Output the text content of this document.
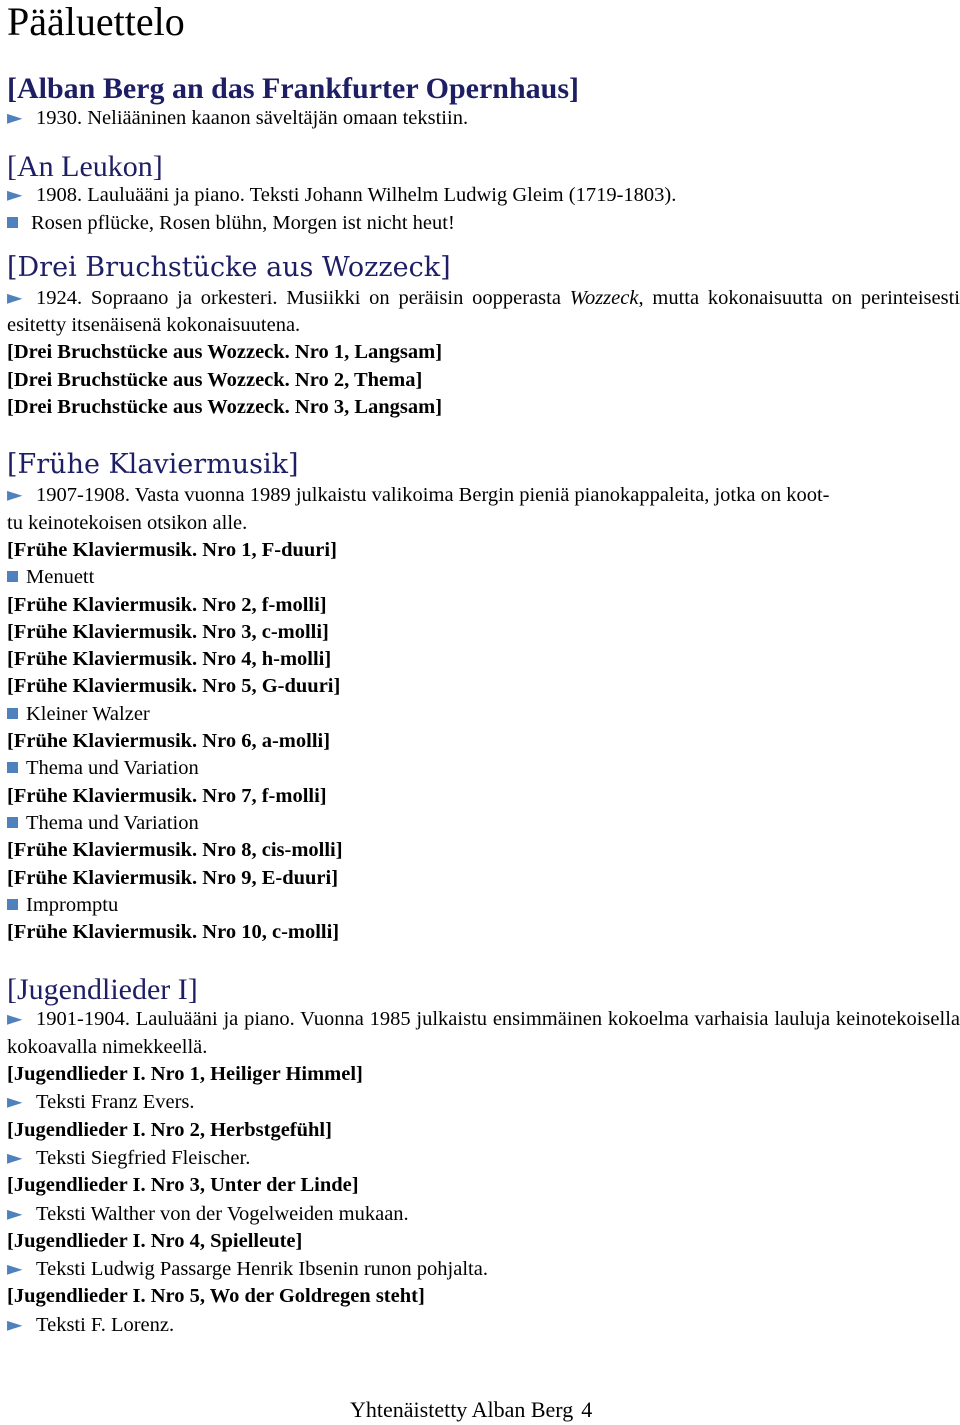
Pääluettelo
[Alban Berg an das Frankfurter Opernhaus]

► 1930. Neliääninen kaanon säveltäjän omaan tekstiin.

[An Leukon]

► 1908. Lauluääni ja piano. Teksti Johann Wilhelm Ludwig Gleim (1719-1803).

Rosen pflücke, Rosen blühn, Morgen ist nicht heut!

[Drei Bruchstücke aus Wozzeck]

► 1924. Sopraano ja orkesteri. Musiikki on peräisin oopperasta Wozzeck, mutta kokonaisuutta on perinteisesti esitetty itsenäisenä kokonaisuutena.

[Drei Bruchstücke aus Wozzeck. Nro 1, Langsam]

[Drei Bruchstücke aus Wozzeck. Nro 2, Thema]

[Drei Bruchstücke aus Wozzeck. Nro 3, Langsam]

[Frühe Klaviermusik]

► 1907-1908. Vasta vuonna 1989 julkaistu valikoima Bergin pieniä pianokappaleita, jotka on koot-
tu keinotekoisen otsikon alle.

[Frühe Klaviermusik. Nro 1, F-duuri]

Menuett

[Frühe Klaviermusik. Nro 2, f-molli]

[Frühe Klaviermusik. Nro 3, c-molli]

[Frühe Klaviermusik. Nro 4, h-molli]

[Frühe Klaviermusik. Nro 5, G-duuri]

Kleiner Walzer

[Frühe Klaviermusik. Nro 6, a-molli]

Thema und Variation

[Frühe Klaviermusik. Nro 7, f-molli]

Thema und Variation

[Frühe Klaviermusik. Nro 8, cis-molli]

[Frühe Klaviermusik. Nro 9, E-duuri]

Impromptu

[Frühe Klaviermusik. Nro 10, c-molli]

[Jugendlieder I]

► 1901-1904. Lauluääni ja piano. Vuonna 1985 julkaistu ensimmäinen kokoelma varhaisia lauluja keinotekoisella kokoavalla nimekkeellä.

[Jugendlieder I. Nro 1, Heiliger Himmel]

► Teksti Franz Evers.

[Jugendlieder I. Nro 2, Herbstgefühl]

► Teksti Siegfried Fleischer.

[Jugendlieder I. Nro 3, Unter der Linde]

► Teksti Walther von der Vogelweiden mukaan.

[Jugendlieder I. Nro 4, Spielleute]

► Teksti Ludwig Passarge Henrik Ibsenin runon pohjalta.

[Jugendlieder I. Nro 5, Wo der Goldregen steht]

► Teksti F. Lorenz.

Yhtenäistetty Alban Berg 4
